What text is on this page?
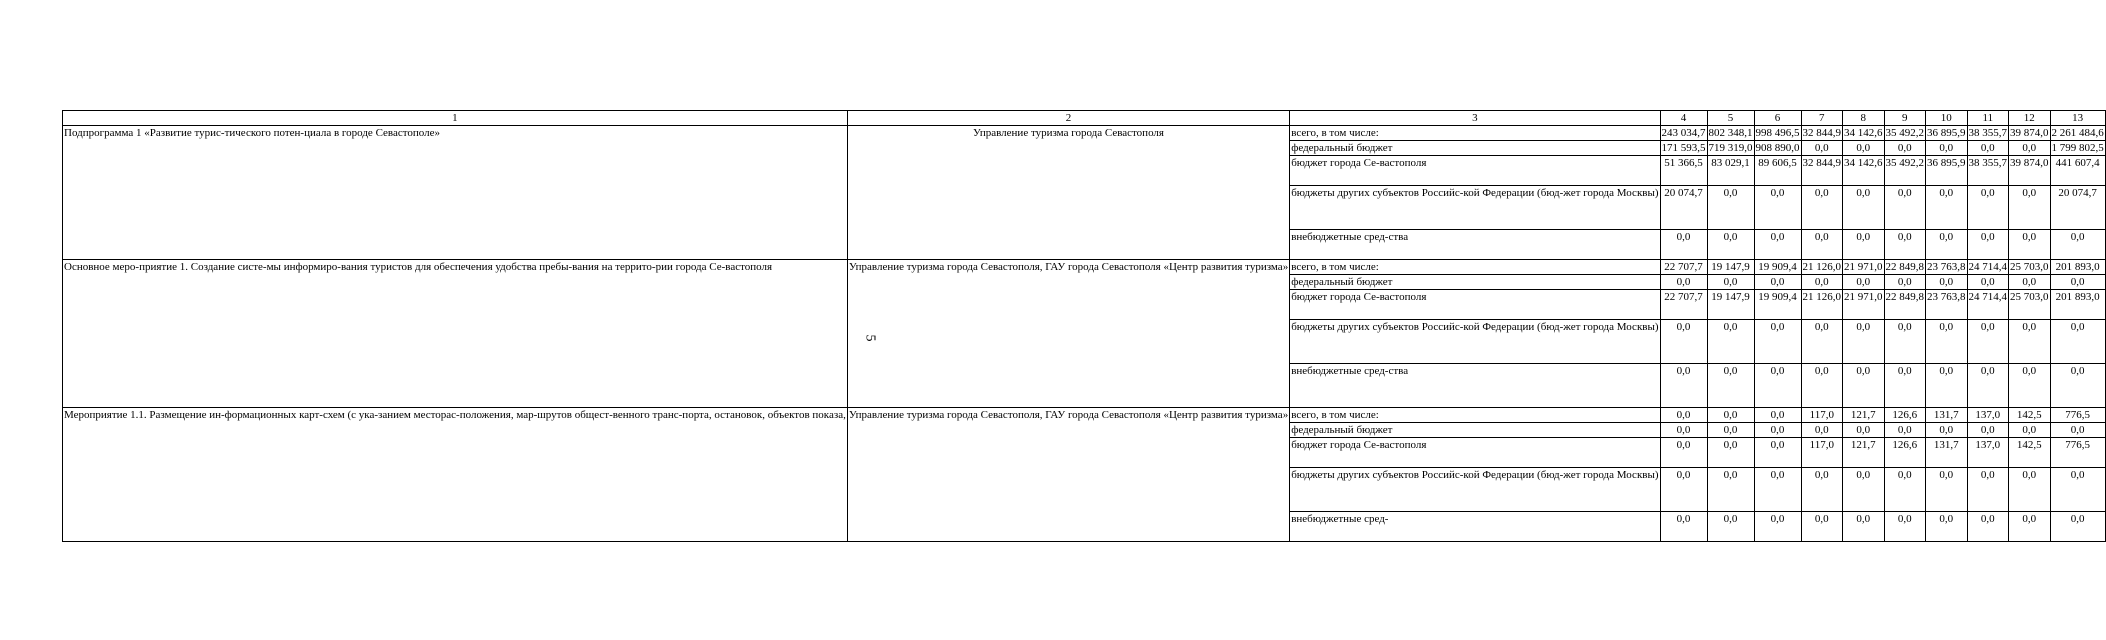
1	2	3	4	5	6	7	8	9	10	11	12	13
Подпрограмма 1 «Развитие турис-тического потен-циала в городе Севастополе»	Управление туризма города Севастополя	всего, в том числе:	243 034,7	802 348,1	998 496,5	32 844,9	34 142,6	35 492,2	36 895,9	38 355,7	39 874,0	2 261 484,6
		федеральный бюджет	171 593,5	719 319,0	908 890,0	0,0	0,0	0,0	0,0	0,0	0,0	1 799 802,5
		бюджет города Се-вастополя	51 366,5	83 029,1	89 606,5	32 844,9	34 142,6	35 492,2	36 895,9	38 355,7	39 874,0	441 607,4
		бюджеты других субъектов Российс-кой Федерации (бюд-жет города Москвы)	20 074,7	0,0	0,0	0,0	0,0	0,0	0,0	0,0	0,0	20 074,7
		внебюджетные сред-ства	0,0	0,0	0,0	0,0	0,0	0,0	0,0	0,0	0,0	0,0
Основное меро-приятие 1. Создание систе-мы информиро-вания туристов для обеспечения удобства пребы-вания на террито-рии города Се-вастополя	Управление туризма города Севастополя, ГАУ города Севастополя «Центр развития туризма»	всего, в том числе:	22 707,7	19 147,9	19 909,4	21 126,0	21 971,0	22 849,8	23 763,8	24 714,4	25 703,0	201 893,0
		федеральный бюджет	0,0	0,0	0,0	0,0	0,0	0,0	0,0	0,0	0,0	0,0
		бюджет города Се-вастополя	22 707,7	19 147,9	19 909,4	21 126,0	21 971,0	22 849,8	23 763,8	24 714,4	25 703,0	201 893,0
		бюджеты других субъектов Российс-кой Федерации (бюд-жет города Москвы)	0,0	0,0	0,0	0,0	0,0	0,0	0,0	0,0	0,0	0,0
		внебюджетные сред-ства	0,0	0,0	0,0	0,0	0,0	0,0	0,0	0,0	0,0	0,0
Мероприятие 1.1. Размещение ин-формационных карт-схем (с ука-занием месторас-положения, мар-шрутов общест-венного транс-порта, остановок, объектов показа,	Управление туризма города Севастополя, ГАУ города Севастополя «Центр развития туризма»	всего, в том числе:	0,0	0,0	0,0	117,0	121,7	126,6	131,7	137,0	142,5	776,5
		федеральный бюджет	0,0	0,0	0,0	0,0	0,0	0,0	0,0	0,0	0,0	0,0
		бюджет города Се-вастополя	0,0	0,0	0,0	117,0	121,7	126,6	131,7	137,0	142,5	776,5
		бюджеты других субъектов Российс-кой Федерации (бюд-жет города Москвы)	0,0	0,0	0,0	0,0	0,0	0,0	0,0	0,0	0,0	0,0
		внебюджетные сред-	0,0	0,0	0,0	0,0	0,0	0,0	0,0	0,0	0,0	0,0
5
